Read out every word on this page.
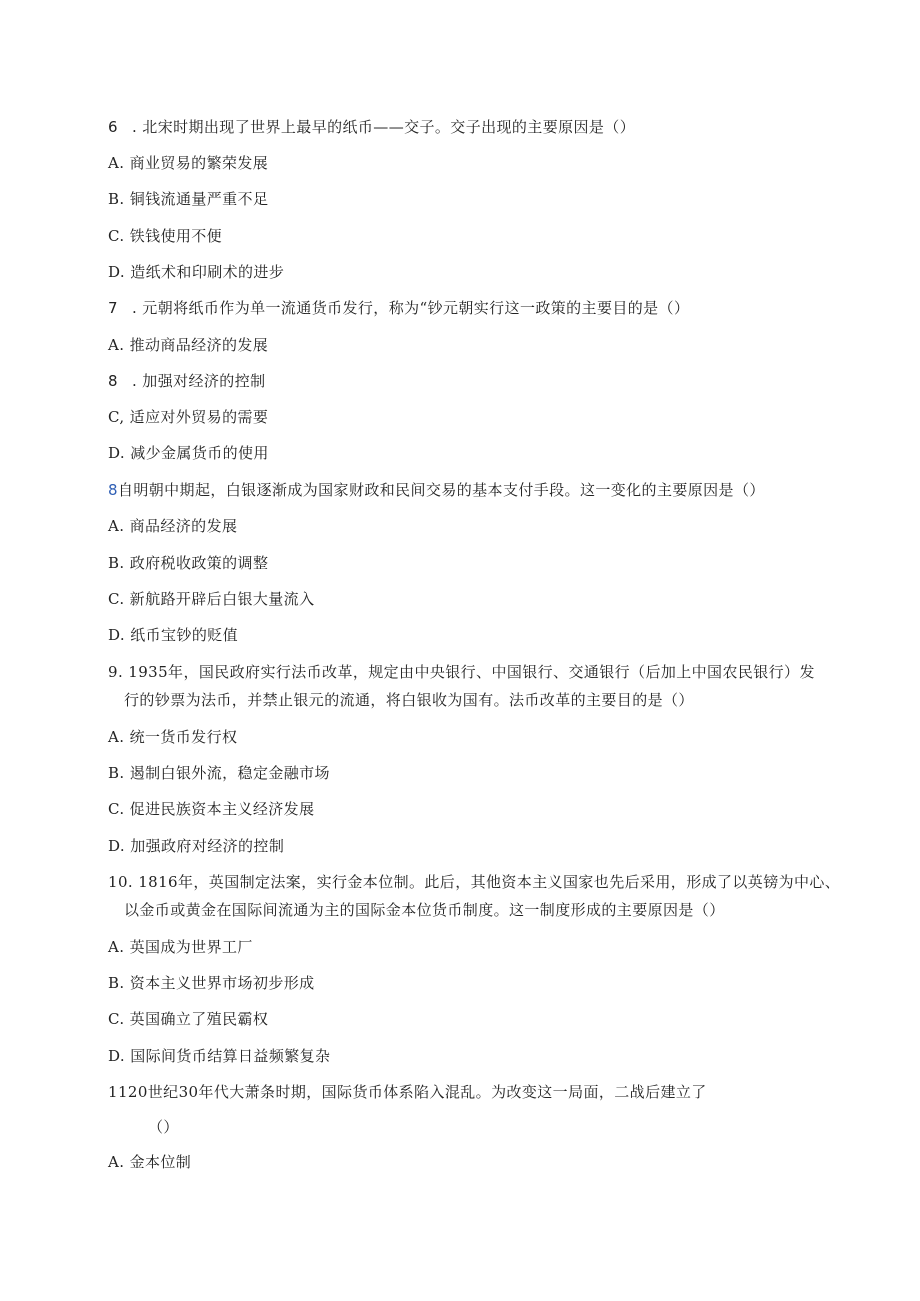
6 . 北宋时期出现了世界上最早的纸币——交子。交子出现的主要原因是（）
A. 商业贸易的繁荣发展
B. 铜钱流通量严重不足
C. 铁钱使用不便
D. 造纸术和印刷术的进步
7 . 元朝将纸币作为单一流通货币发行，称为“钞元朝实行这一政策的主要目的是（）
A. 推动商品经济的发展
8 . 加强对经济的控制
C, 适应对外贸易的需要
D. 减少金属货币的使用
8自明朝中期起，白银逐渐成为国家财政和民间交易的基本支付手段。这一变化的主要原因是（）
A. 商品经济的发展
B. 政府税收政策的调整
C. 新航路开辟后白银大量流入
D. 纸币宝钞的贬值
9. 1935年，国民政府实行法币改革，规定由中央银行、中国银行、交通银行（后加上中国农民银行）发
行的钞票为法币，并禁止银元的流通，将白银收为国有。法币改革的主要目的是（）
A. 统一货币发行权
B. 遏制白银外流，稳定金融市场
C. 促进民族资本主义经济发展
D. 加强政府对经济的控制
10. 1816年，英国制定法案，实行金本位制。此后，其他资本主义国家也先后采用，形成了以英镑为中心、
以金币或黄金在国际间流通为主的国际金本位货币制度。这一制度形成的主要原因是（）
A. 英国成为世界工厂
B. 资本主义世界市场初步形成
C. 英国确立了殖民霸权
D. 国际间货币结算日益频繁复杂
1120世纪30年代大萧条时期，国际货币体系陷入混乱。为改变这一局面，二战后建立了
（）
A. 金本位制
